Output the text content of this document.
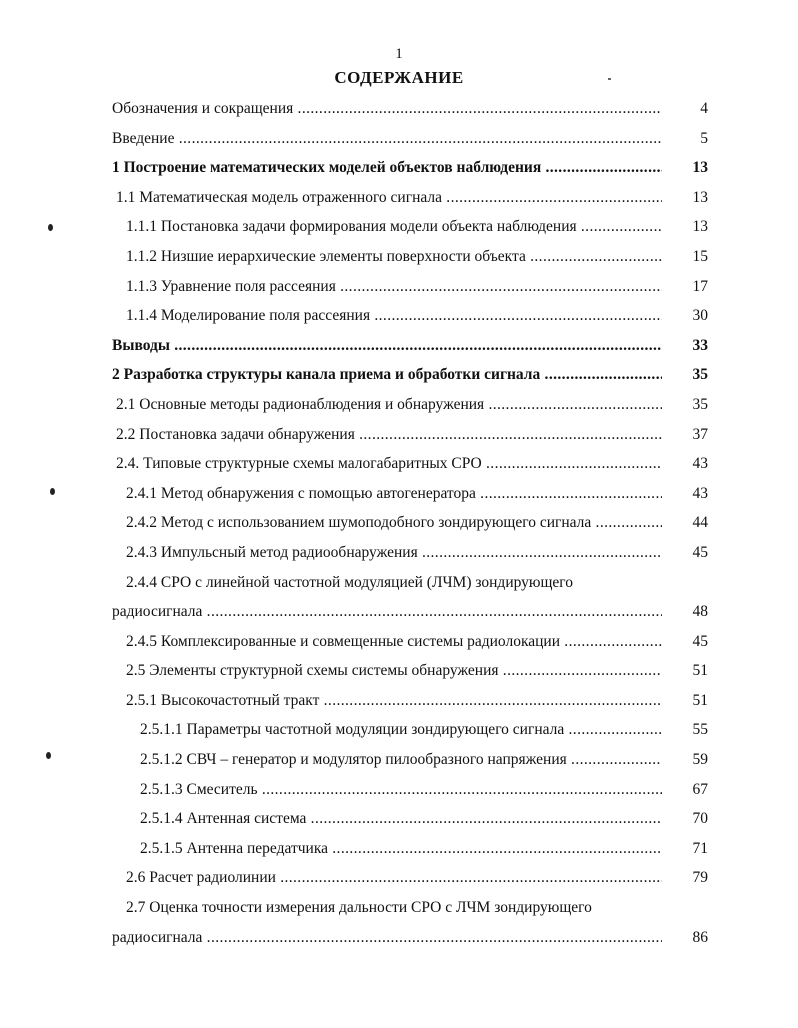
1
СОДЕРЖАНИЕ
Обозначения и сокращения .....	4
Введение .....	5
1 Построение математических моделей объектов наблюдения .....	13
1.1 Математическая модель отраженного сигнала .....	13
1.1.1 Постановка задачи формирования модели объекта наблюдения .....	13
1.1.2 Низшие иерархические элементы поверхности объекта .....	15
1.1.3 Уравнение поля рассеяния .....	17
1.1.4 Моделирование поля рассеяния .....	30
Выводы .....	33
2 Разработка структуры канала приема и обработки сигнала .....	35
2.1 Основные методы радионаблюдения и обнаружения .....	35
2.2 Постановка задачи обнаружения .....	37
2.4. Типовые структурные схемы малогабаритных СРО .....	43
2.4.1 Метод обнаружения с помощью автогенератора .....	43
2.4.2 Метод с использованием шумоподобного зондирующего сигнала .....	44
2.4.3 Импульсный метод радиообнаружения .....	45
2.4.4 СРО с линейной частотной модуляцией (ЛЧМ) зондирующего
радиосигнала .....	48
2.4.5 Комплексированные и совмещенные системы радиолокации .....	45
2.5 Элементы структурной схемы системы обнаружения .....	51
2.5.1 Высокочастотный тракт .....	51
2.5.1.1 Параметры частотной модуляции зондирующего сигнала .....	55
2.5.1.2 СВЧ – генератор и модулятор пилообразного напряжения .....	59
2.5.1.3 Смеситель .....	67
2.5.1.4 Антенная система .....	70
2.5.1.5 Антенна передатчика .....	71
2.6 Расчет радиолинии .....	79
2.7 Оценка точности измерения дальности СРО с ЛЧМ зондирующего
радиосигнала .....	86
